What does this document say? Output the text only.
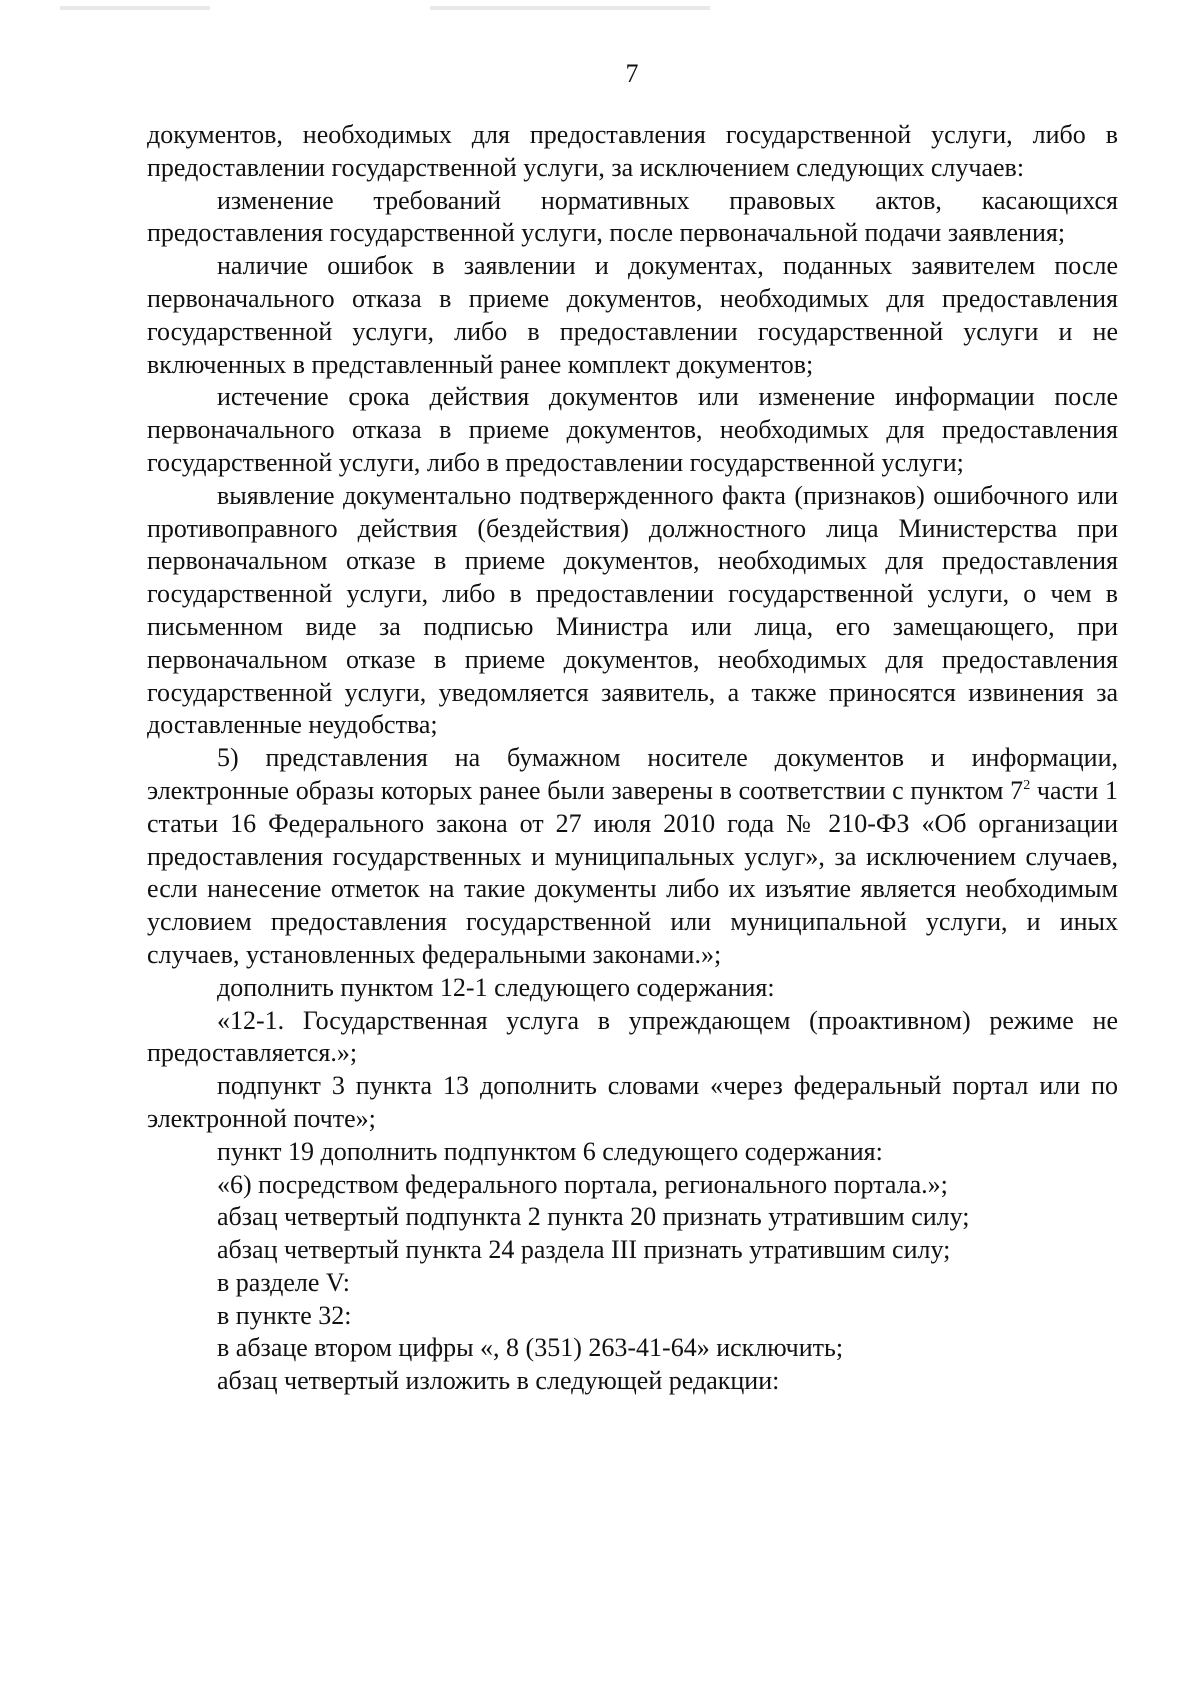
7

документов, необходимых для предоставления государственной услуги, либо в предоставлении государственной услуги, за исключением следующих случаев:

изменение требований нормативных правовых актов, касающихся предоставления государственной услуги, после первоначальной подачи заявления;

наличие ошибок в заявлении и документах, поданных заявителем после первоначального отказа в приеме документов, необходимых для предоставления государственной услуги, либо в предоставлении государственной услуги и не включенных в представленный ранее комплект документов;

истечение срока действия документов или изменение информации после первоначального отказа в приеме документов, необходимых для предоставления государственной услуги, либо в предоставлении государственной услуги;

выявление документально подтвержденного факта (признаков) ошибочного или противоправного действия (бездействия) должностного лица Министерства при первоначальном отказе в приеме документов, необходимых для предоставления государственной услуги, либо в предоставлении государственной услуги, о чем в письменном виде за подписью Министра или лица, его замещающего, при первоначальном отказе в приеме документов, необходимых для предоставления государственной услуги, уведомляется заявитель, а также приносятся извинения за доставленные неудобства;

5) представления на бумажном носителе документов и информации, электронные образы которых ранее были заверены в соответствии с пунктом $7^2$ части 1 статьи 16 Федерального закона от 27 июля 2010 года № 210-ФЗ «Об организации предоставления государственных и муниципальных услуг», за исключением случаев, если нанесение отметок на такие документы либо их изъятие является необходимым условием предоставления государственной или муниципальной услуги, и иных случаев, установленных федеральными законами.»;

дополнить пунктом 12-1 следующего содержания:

«12-1. Государственная услуга в упреждающем (проактивном) режиме не предоставляется.»;

подпункт 3 пункта 13 дополнить словами «через федеральный портал или по электронной почте»;

пункт 19 дополнить подпунктом 6 следующего содержания:

«6) посредством федерального портала, регионального портала.»;

абзац четвертый подпункта 2 пункта 20 признать утратившим силу;

абзац четвертый пункта 24 раздела III признать утратившим силу;

в разделе V:

в пункте 32:

в абзаце втором цифры «, 8 (351) 263-41-64» исключить;

абзац четвертый изложить в следующей редакции:
